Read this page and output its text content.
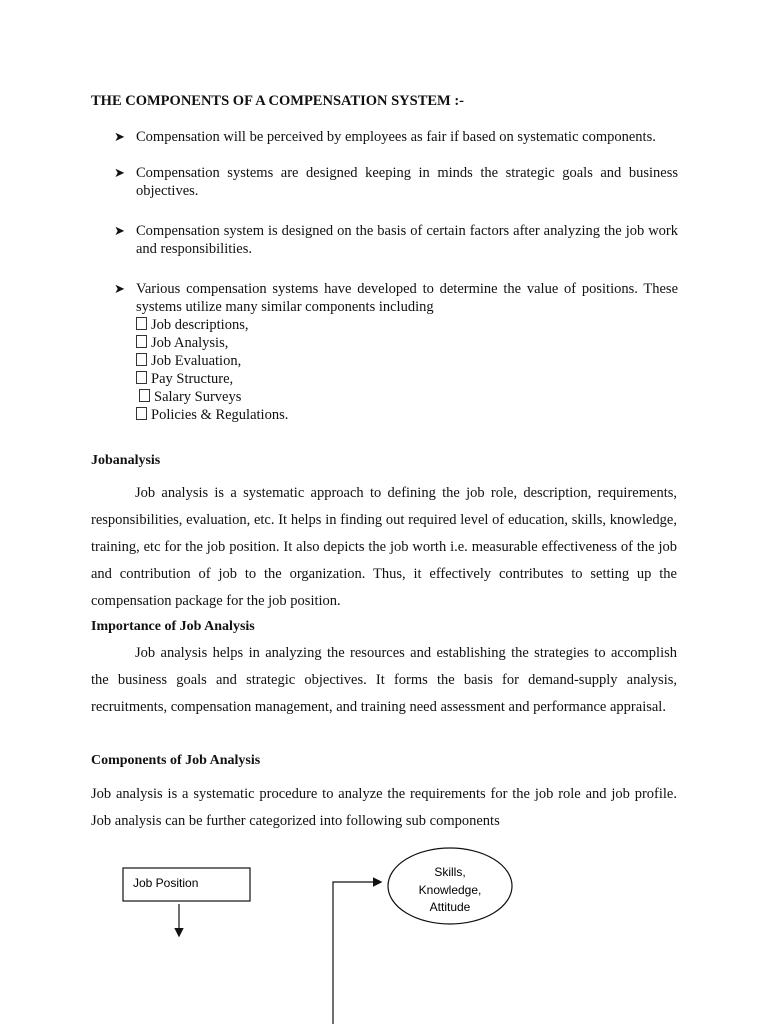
THE COMPONENTS OF A COMPENSATION SYSTEM :-
➤ Compensation will be perceived by employees as fair if based on systematic components.
➤ Compensation systems are designed keeping in minds the strategic goals and business objectives.
➤ Compensation system is designed on the basis of certain factors after analyzing the job work and responsibilities.
➤ Various compensation systems have developed to determine the value of positions. These systems utilize many similar components including
Job descriptions,
Job Analysis,
Job Evaluation,
Pay Structure,
Salary Surveys
Policies & Regulations.
Jobanalysis

Job analysis is a systematic approach to defining the job role, description, requirements, responsibilities, evaluation, etc. It helps in finding out required level of education, skills, knowledge, training, etc for the job position. It also depicts the job worth i.e. measurable effectiveness of the job and contribution of job to the organization. Thus, it effectively contributes to setting up the compensation package for the job position.

Importance of Job Analysis

Job analysis helps in analyzing the resources and establishing the strategies to accomplish the business goals and strategic objectives. It forms the basis for demand-supply analysis, recruitments, compensation management, and training need assessment and performance appraisal.

Components of Job Analysis

Job analysis is a systematic procedure to analyze the requirements for the job role and job profile. Job analysis can be further categorized into following sub components

Job Position
Skills,
Knowledge,
Attitude
